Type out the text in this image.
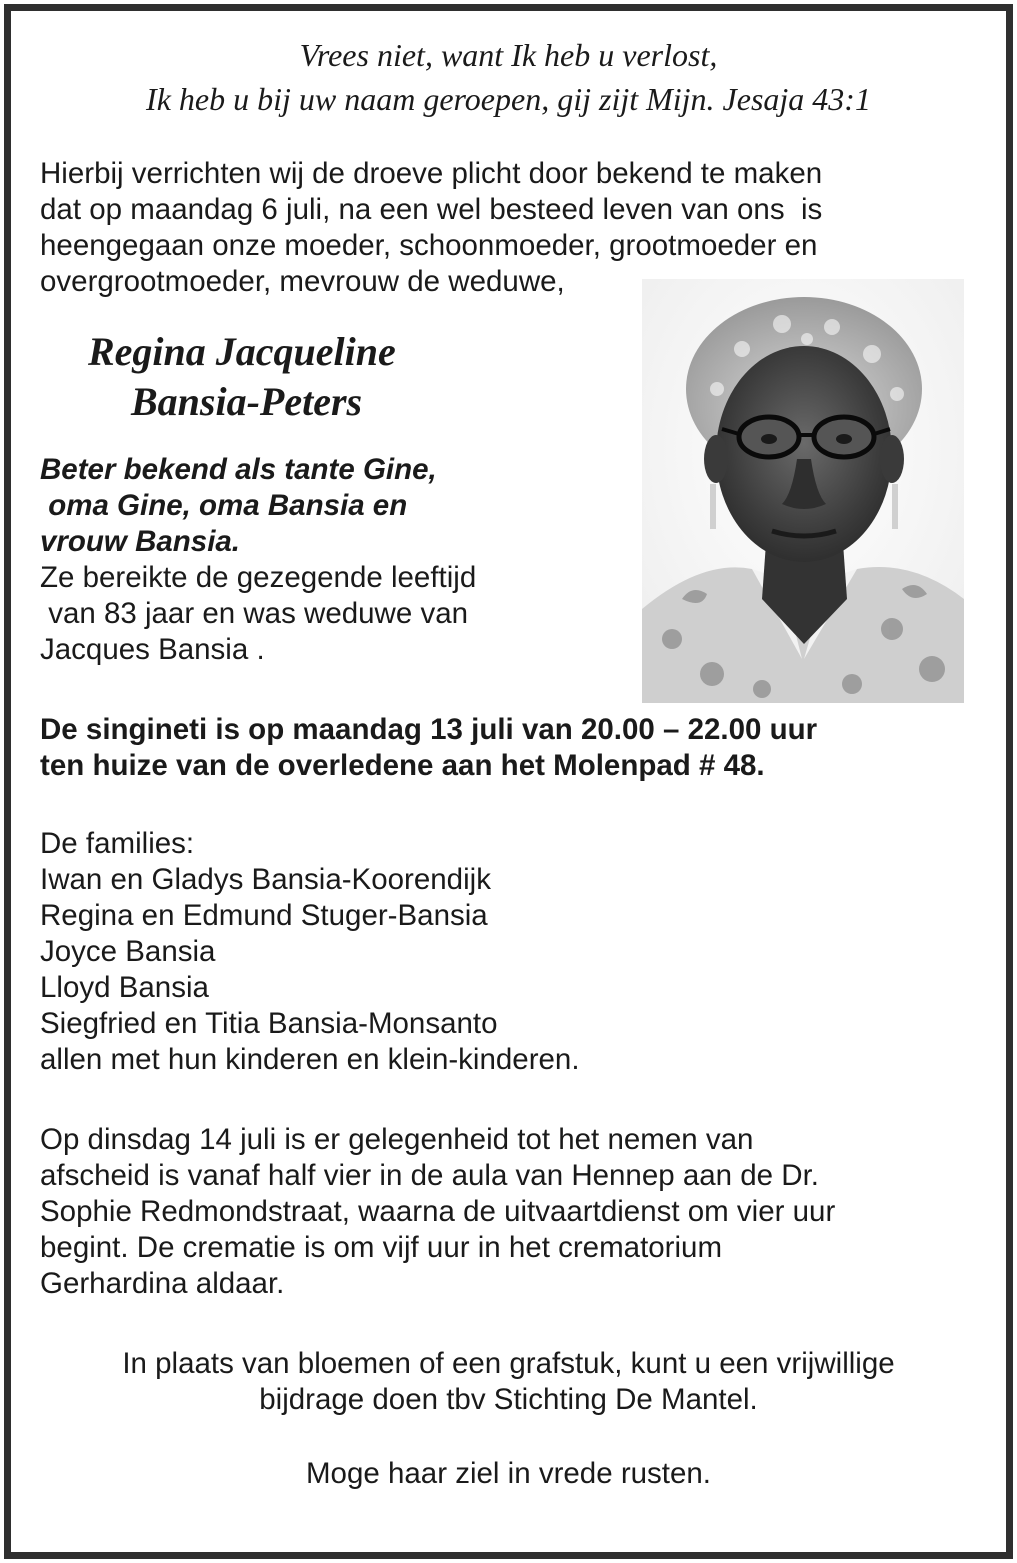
Vrees niet, want Ik heb u verlost,
Ik heb u bij uw naam geroepen, gij zijt Mijn. Jesaja 43:1
Hierbij verrichten wij de droeve plicht door bekend te maken
dat op maandag 6 juli, na een wel besteed leven van ons  is
heengegaan onze moeder, schoonmoeder, grootmoeder en
overgrootmoeder, mevrouw de weduwe,
Regina Jacqueline
Bansia-Peters
Beter bekend als tante Gine,
oma Gine, oma Bansia en
vrouw Bansia.
Ze bereikte de gezegende leeftijd
van 83 jaar en was weduwe van
Jacques Bansia .
De singineti is op maandag 13 juli van 20.00 – 22.00 uur
ten huize van de overledene aan het Molenpad # 48.
De families:
Iwan en Gladys Bansia-Koorendijk
Regina en Edmund Stuger-Bansia
Joyce Bansia
Lloyd Bansia
Siegfried en Titia Bansia-Monsanto
allen met hun kinderen en klein-kinderen.
Op dinsdag 14 juli is er gelegenheid tot het nemen van
afscheid is vanaf half vier in de aula van Hennep aan de Dr.
Sophie Redmondstraat, waarna de uitvaartdienst om vier uur
begint. De crematie is om vijf uur in het crematorium
Gerhardina aldaar.
In plaats van bloemen of een grafstuk, kunt u een vrijwillige
bijdrage doen tbv Stichting De Mantel.
Moge haar ziel in vrede rusten.
